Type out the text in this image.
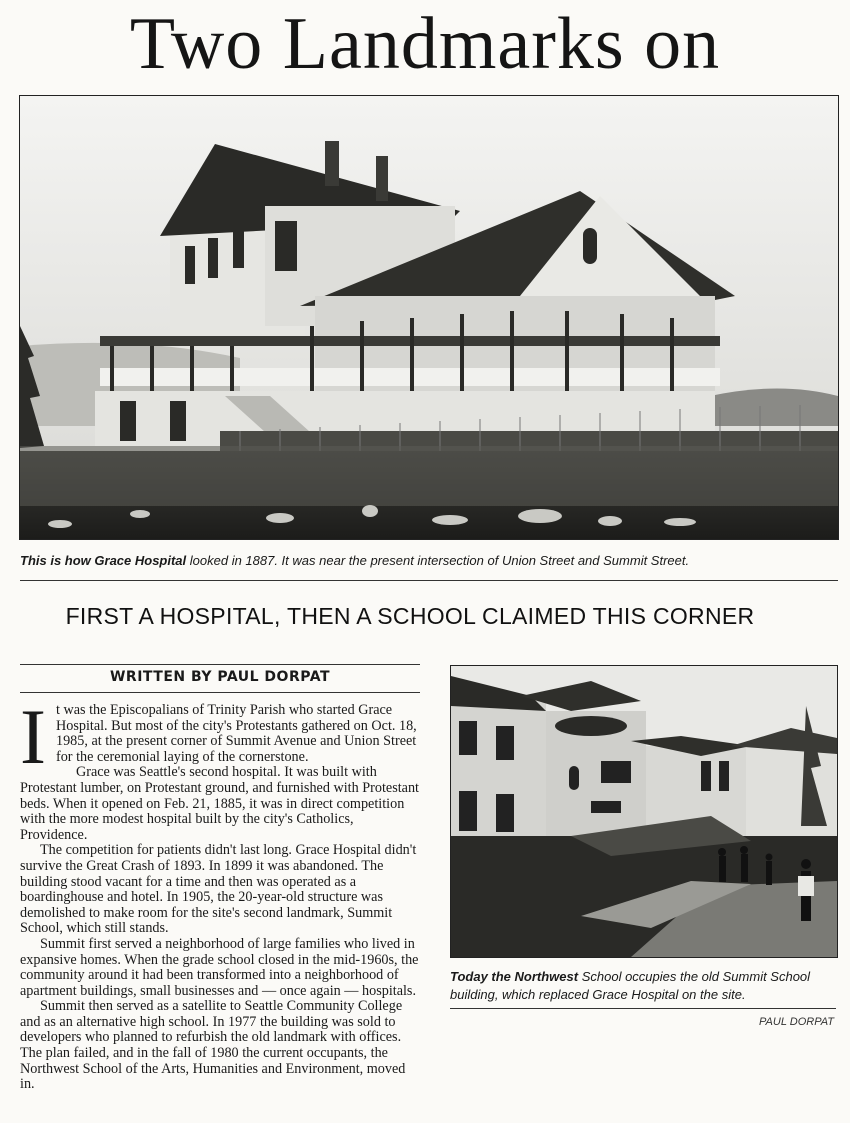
Two Landmarks on
This is how Grace Hospital looked in 1887. It was near the present intersection of Union Street and Summit Street.
FIRST A HOSPITAL, THEN A SCHOOL CLAIMED THIS CORNER
WRITTEN BY PAUL DORPAT

It was the Episcopalians of Trinity Parish who started Grace Hospital. But most of the city's Protestants gathered on Oct. 18, 1985, at the present corner of Summit Avenue and Union Street for the ceremonial laying of the cornerstone.

Grace was Seattle's second hospital. It was built with Protestant lumber, on Protestant ground, and furnished with Protestant beds. When it opened on Feb. 21, 1885, it was in direct competition with the more modest hospital built by the city's Catholics, Providence.

The competition for patients didn't last long. Grace Hospital didn't survive the Great Crash of 1893. In 1899 it was abandoned. The building stood vacant for a time and then was operated as a boardinghouse and hotel. In 1905, the 20-year-old structure was demolished to make room for the site's second landmark, Summit School, which still stands.

Summit first served a neighborhood of large families who lived in expansive homes. When the grade school closed in the mid-1960s, the community around it had been transformed into a neighborhood of apartment buildings, small businesses and — once again — hospitals.

Summit then served as a satellite to Seattle Community College and as an alternative high school. In 1977 the building was sold to developers who planned to refurbish the old landmark with offices. The plan failed, and in the fall of 1980 the current occupants, the Northwest School of the Arts, Humanities and Environment, moved in.

Today the Northwest School occupies the old Summit School building, which replaced Grace Hospital on the site.
PAUL DORPAT
